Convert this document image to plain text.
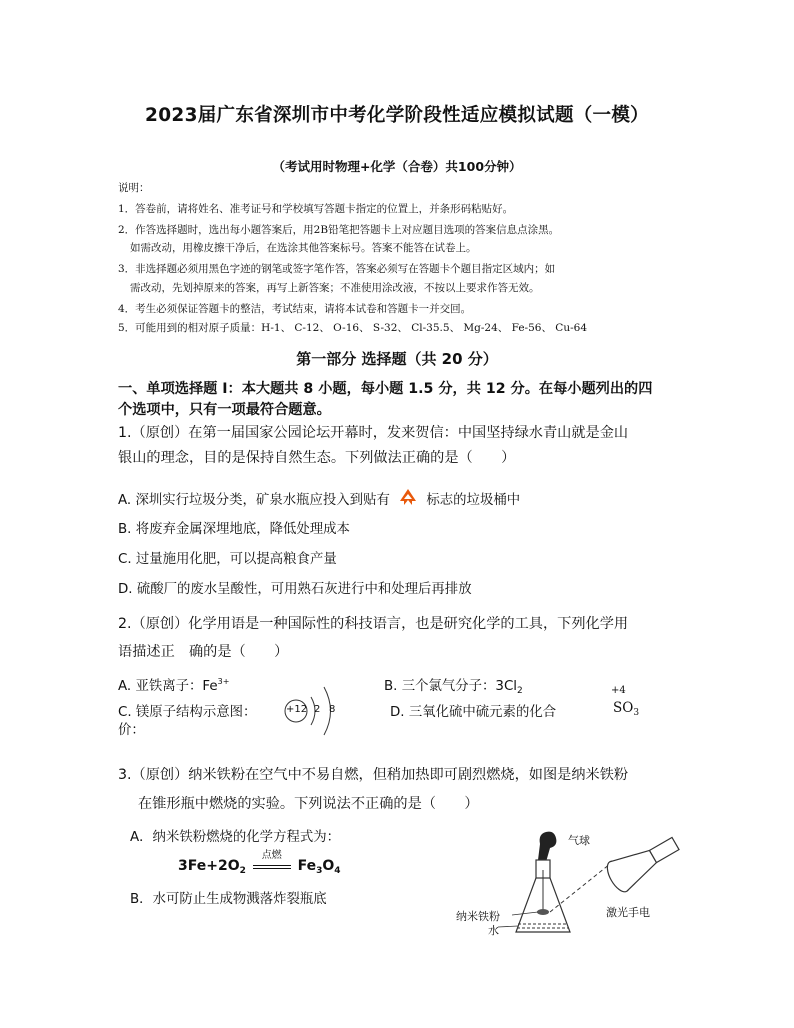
2023届广东省深圳市中考化学阶段性适应模拟试题（一模）
（考试用时物理+化学（合卷）共100分钟）
说明：
1．答卷前，请将姓名、准考证号和学校填写答题卡指定的位置上，并条形码粘贴好。
2．作答选择题时，选出每小题答案后，用2B铅笔把答题卡上对应题目选项的答案信息点涂黑。
如需改动，用橡皮擦干净后，在选涂其他答案标号。答案不能答在试卷上。
3．非选择题必须用黑色字迹的钢笔或签字笔作答，答案必须写在答题卡个题目指定区域内；如
需改动，先划掉原来的答案，再写上新答案；不准使用涂改液，不按以上要求作答无效。
4．考生必须保证答题卡的整洁，考试结束，请将本试卷和答题卡一并交回。
5．可能用到的相对原子质量：H-1、 C-12、 O-16、 S-32、 Cl-35.5、 Mg-24、 Fe-56、 Cu-64
第一部分 选择题（共 20 分）
一、单项选择题 I：本大题共 8 小题，每小题 1.5 分，共 12 分。在每小题列出的四
个选项中，只有一项最符合题意。
1.（原创）在第一届国家公园论坛开幕时，发来贺信：中国坚持绿水青山就是金山
银山的理念，目的是保持自然生态。下列做法正确的是（　　）
A. 深圳实行垃圾分类，矿泉水瓶应投入到贴有	标志的垃圾桶中
B. 将废弃金属深埋地底，降低处理成本
C. 过量施用化肥，可以提高粮食产量
D. 硫酸厂的废水呈酸性，可用熟石灰进行中和处理后再排放
2.（原创）化学用语是一种国际性的科技语言，也是研究化学的工具，下列化学用
语描述正　确的是（　　）
A. 亚铁离子：$Fe^{3+}$	B. 三个氯气分子：$3Cl_2$
C. 镁原子结构示意图：
价：
+12 2 8	D. 三氧化硫中硫元素的化合
+4
$SO_3$
3.（原创）纳米铁粉在空气中不易自燃，但稍加热即可剧烈燃烧，如图是纳米铁粉
在锥形瓶中燃烧的实验。下列说法不正确的是（　　）
A．纳米铁粉燃烧的化学方程式为：
$3Fe+2O_2$
点燃
$Fe_3O_4$
B．水可防止生成物溅落炸裂瓶底
气球
纳米铁粉
水
激光手电
